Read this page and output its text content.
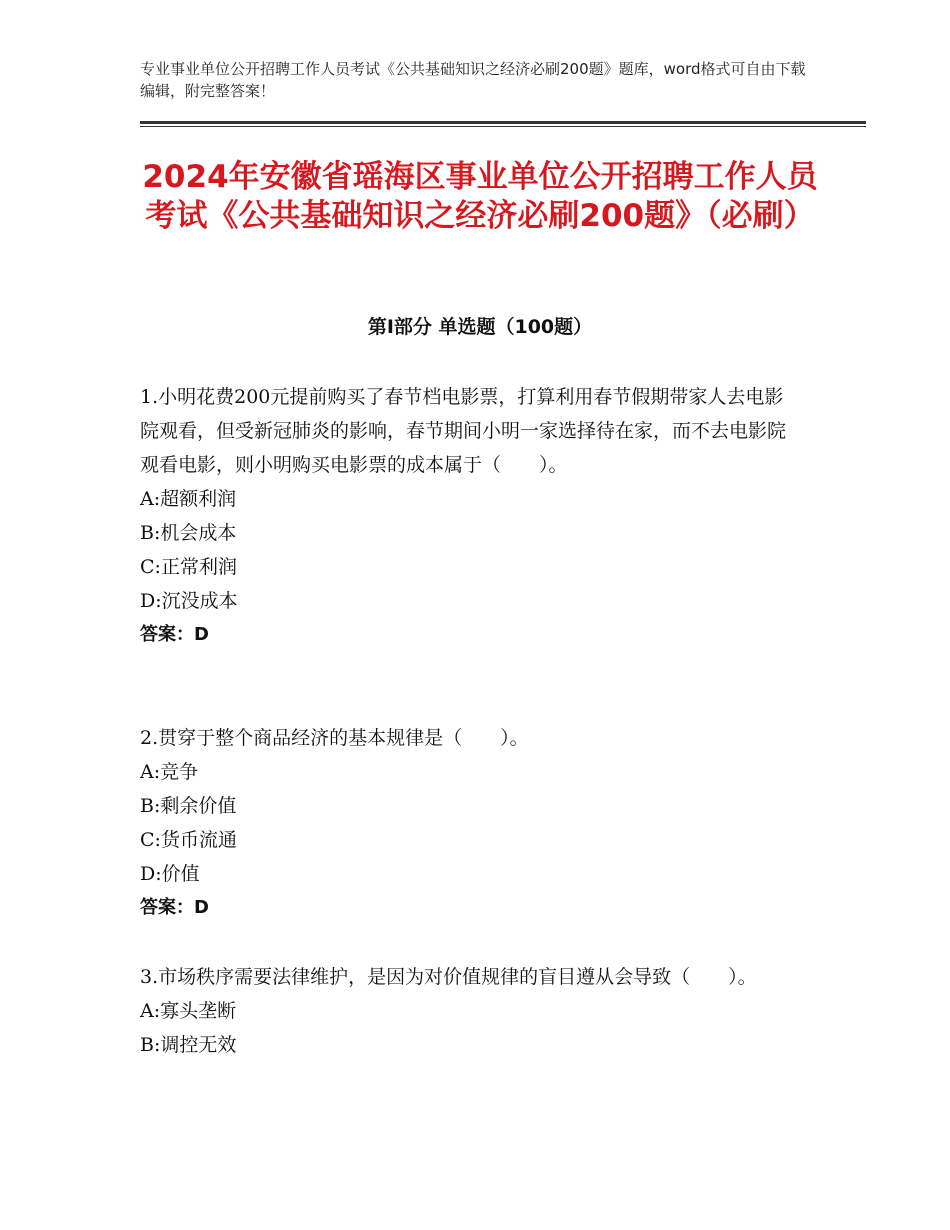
专业事业单位公开招聘工作人员考试《公共基础知识之经济必刷200题》题库，word格式可自由下载编辑，附完整答案！
2024年安徽省瑶海区事业单位公开招聘工作人员考试《公共基础知识之经济必刷200题》（必刷）
第Ⅰ部分 单选题（100题）
1.小明花费200元提前购买了春节档电影票，打算利用春节假期带家人去电影院观看，但受新冠肺炎的影响，春节期间小明一家选择待在家，而不去电影院观看电影，则小明购买电影票的成本属于（　　）。
A:超额利润
B:机会成本
C:正常利润
D:沉没成本
答案：D
2.贯穿于整个商品经济的基本规律是（　　）。
A:竞争
B:剩余价值
C:货币流通
D:价值
答案：D
3.市场秩序需要法律维护，是因为对价值规律的盲目遵从会导致（　　）。
A:寡头垄断
B:调控无效
